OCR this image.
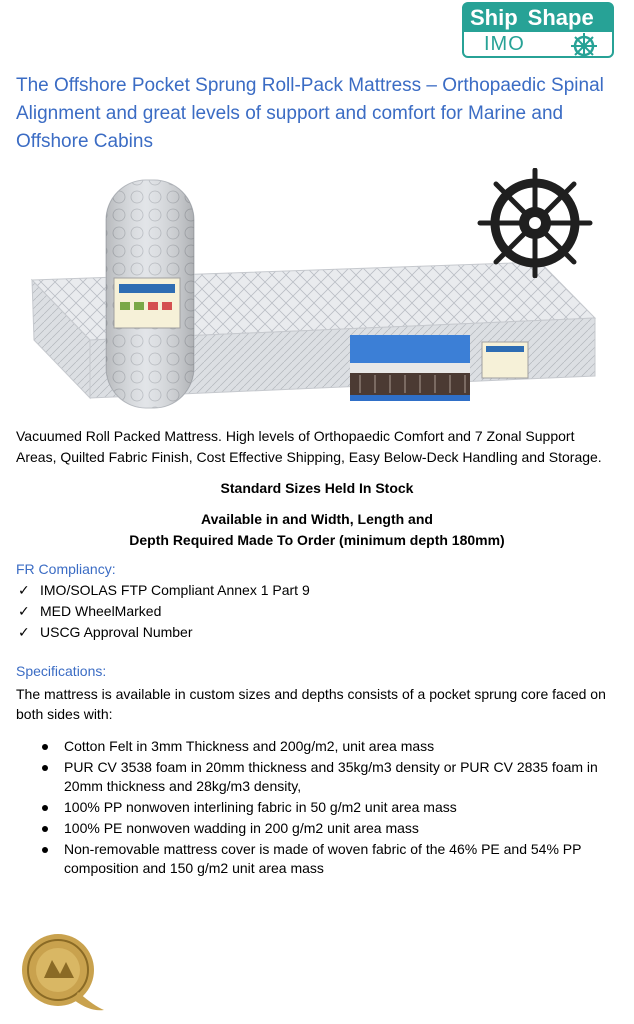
Ship Shape
IMO
The Offshore Pocket Sprung Roll-Pack Mattress – Orthopaedic Spinal Alignment and great levels of support and comfort for Marine and Offshore Cabins

Vacuumed Roll Packed Mattress. High levels of Orthopaedic Comfort and 7 Zonal Support Areas, Quilted Fabric Finish, Cost Effective Shipping, Easy Below-Deck Handling and Storage.

Standard Sizes Held In Stock
Available in and Width, Length and
Depth Required Made To Order (minimum depth 180mm)
FR Compliancy:
✓ IMO/SOLAS FTP Compliant Annex 1 Part 9
✓ MED WheelMarked
✓ USCG Approval Number
Specifications:

The mattress is available in custom sizes and depths consists of a pocket sprung core faced on both sides with:

Cotton Felt in 3mm Thickness and 200g/m2, unit area mass
PUR CV 3538 foam in 20mm thickness and 35kg/m3 density or PUR CV 2835 foam in 20mm thickness and 28kg/m3 density,
100% PP nonwoven interlining fabric in 50 g/m2 unit area mass
100% PE nonwoven wadding in 200 g/m2 unit area mass
Non-removable mattress cover is made of woven fabric of the 46% PE and 54% PP composition and 150 g/m2 unit area mass
